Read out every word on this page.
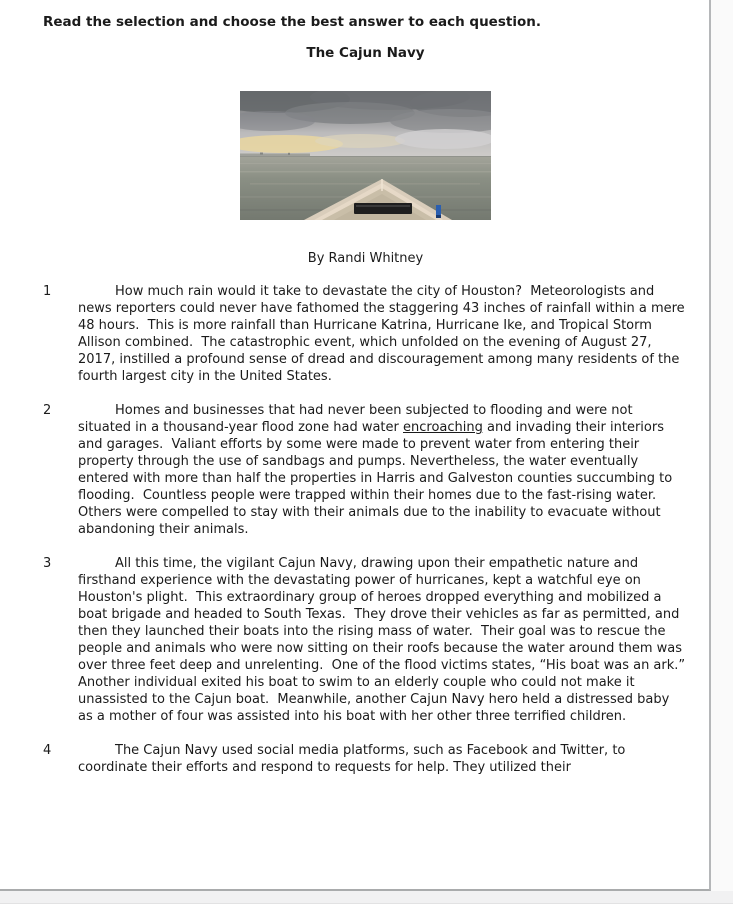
Read the selection and choose the best answer to each question.
The Cajun Navy
By Randi Whitney
1	How much rain would it take to devastate the city of Houston?  Meteorologists and news reporters could never have fathomed the staggering 43 inches of rainfall within a mere 48 hours.  This is more rainfall than Hurricane Katrina, Hurricane Ike, and Tropical Storm Allison combined.  The catastrophic event, which unfolded on the evening of August 27, 2017, instilled a profound sense of dread and discouragement among many residents of the fourth largest city in the United States.
2	Homes and businesses that had never been subjected to flooding and were not situated in a thousand-year flood zone had water encroaching and invading their interiors and garages.  Valiant efforts by some were made to prevent water from entering their property through the use of sandbags and pumps. Nevertheless, the water eventually entered with more than half the properties in Harris and Galveston counties succumbing to flooding.  Countless people were trapped within their homes due to the fast-rising water.  Others were compelled to stay with their animals due to the inability to evacuate without abandoning their animals.
3	All this time, the vigilant Cajun Navy, drawing upon their empathetic nature and firsthand experience with the devastating power of hurricanes, kept a watchful eye on Houston's plight.  This extraordinary group of heroes dropped everything and mobilized a boat brigade and headed to South Texas.  They drove their vehicles as far as permitted, and then they launched their boats into the rising mass of water.  Their goal was to rescue the people and animals who were now sitting on their roofs because the water around them was over three feet deep and unrelenting.  One of the flood victims states, “His boat was an ark.” Another individual exited his boat to swim to an elderly couple who could not make it unassisted to the Cajun boat.  Meanwhile, another Cajun Navy hero held a distressed baby as a mother of four was assisted into his boat with her other three terrified children.
4	The Cajun Navy used social media platforms, such as Facebook and Twitter, to coordinate their efforts and respond to requests for help. They utilized their
